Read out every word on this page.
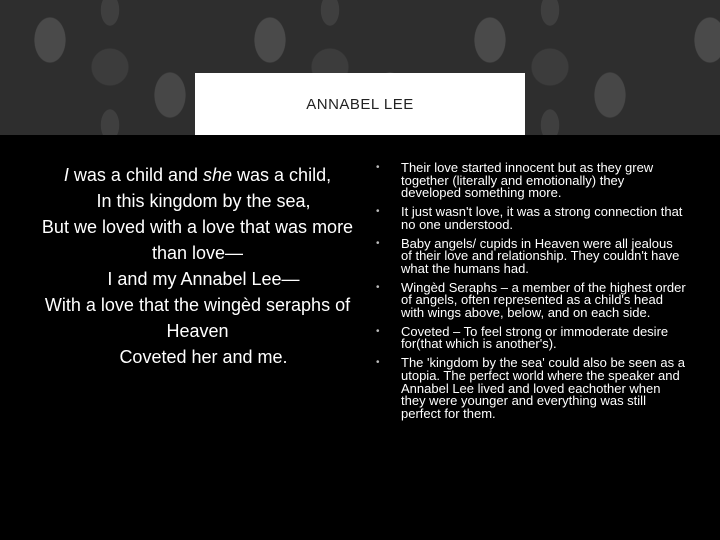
ANNABEL LEE
I was a child and she was a child,
In this kingdom by the sea,
But we loved with a love that was more than love—
I and my Annabel Lee—
With a love that the wingèd seraphs of Heaven
Coveted her and me.
• Their love started innocent but as they grew together (literally and emotionally) they developed something more.
• It just wasn't love, it was a strong connection that no one understood.
• Baby angels/ cupids in Heaven were all jealous of their love and relationship. They couldn't have what the humans had.
• Wingèd Seraphs – a member of the highest order of angels, often represented as a child's head with wings above, below, and on each side.
• Coveted – To feel strong or immoderate desire for(that which is another's).
• The 'kingdom by the sea' could also be seen as a utopia. The perfect world where the speaker and Annabel Lee lived and loved eachother when they were younger and everything was still perfect for them.
